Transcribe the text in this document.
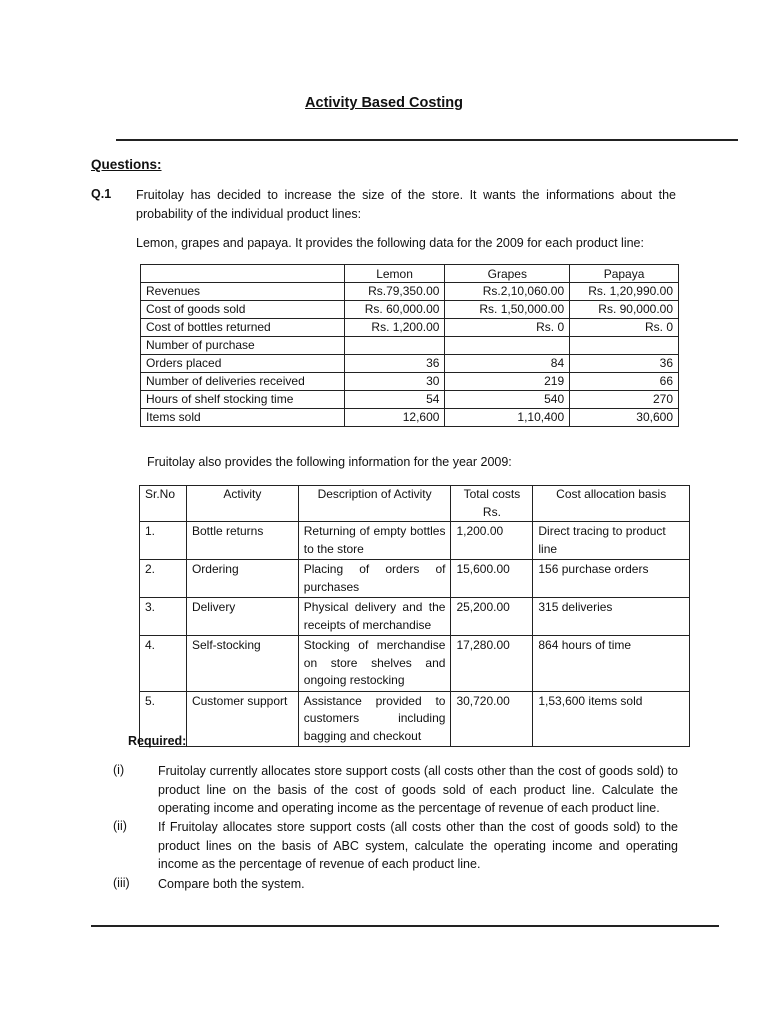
Activity Based Costing
Questions:
Q.1 Fruitolay has decided to increase the size of the store. It wants the informations about the probability of the individual product lines:
Lemon, grapes and papaya. It provides the following data for the 2009 for each product line:
	Lemon	Grapes	Papaya
Revenues	Rs.79,350.00	Rs.2,10,060.00	Rs. 1,20,990.00
Cost of goods sold	Rs. 60,000.00	Rs. 1,50,000.00	Rs. 90,000.00
Cost of bottles returned	Rs. 1,200.00	Rs. 0	Rs. 0
Number of purchase			
Orders placed	36	84	36
Number of deliveries received	30	219	66
Hours of shelf stocking time	54	540	270
Items sold	12,600	1,10,400	30,600
Fruitolay also provides the following information for the year 2009:
Sr.No	Activity	Description of Activity	Total costs Rs.	Cost allocation basis
1.	Bottle returns	Returning of empty bottles to the store	1,200.00	Direct tracing to product line
2.	Ordering	Placing of orders of purchases	15,600.00	156 purchase orders
3.	Delivery	Physical delivery and the receipts of merchandise	25,200.00	315 deliveries
4.	Self-stocking	Stocking of merchandise on store shelves and ongoing restocking	17,280.00	864 hours of time
5.	Customer support	Assistance provided to customers including bagging and checkout	30,720.00	1,53,600 items sold
Required:
(i)	Fruitolay currently allocates store support costs (all costs other than the cost of goods sold) to product line on the basis of the cost of goods sold of each product line. Calculate the operating income and operating income as the percentage of revenue of each product line.
(ii) If Fruitolay allocates store support costs (all costs other than the cost of goods sold) to the product lines on the basis of ABC system, calculate the operating income and operating income as the percentage of revenue of each product line.
(iii) Compare both the system.
